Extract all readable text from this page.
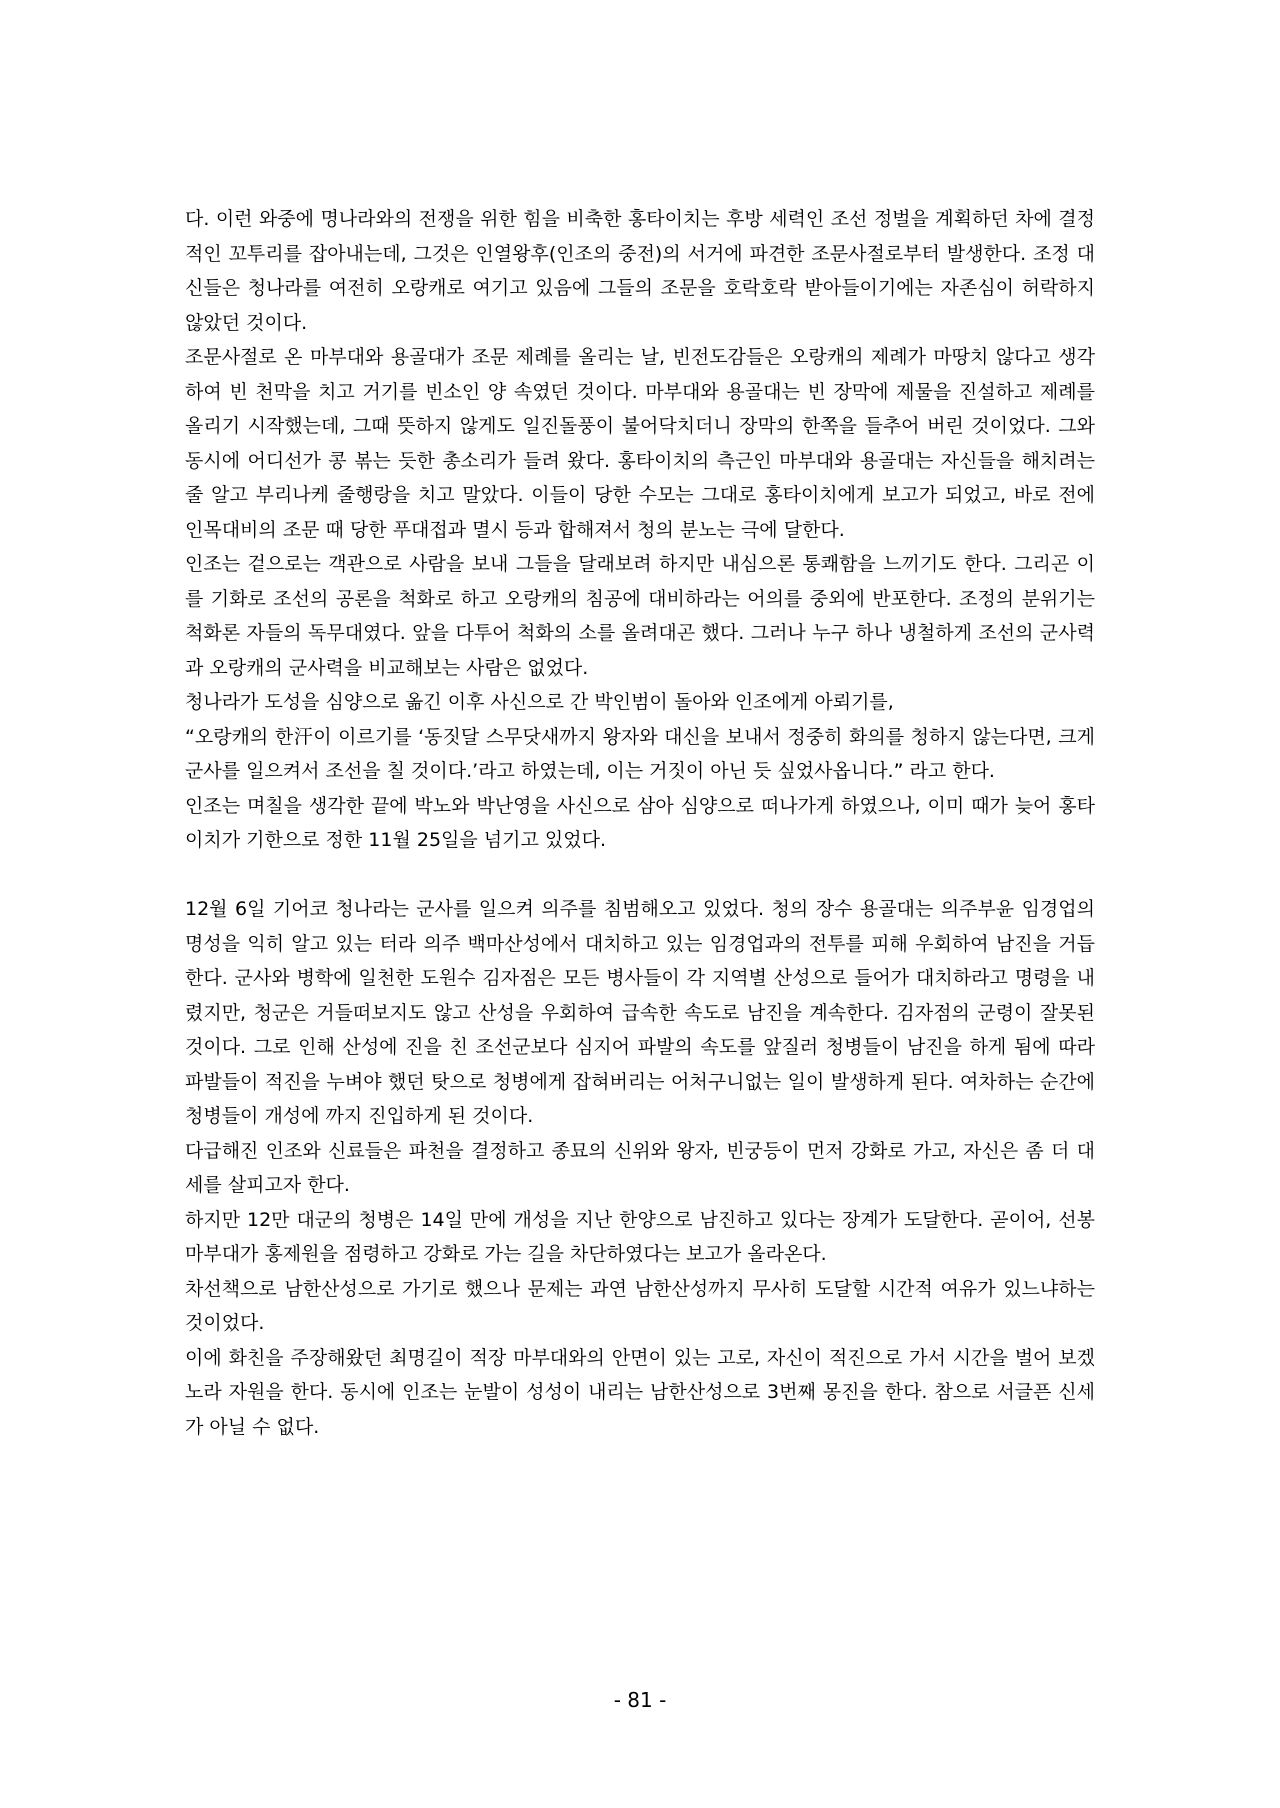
다. 이런 와중에 명나라와의 전쟁을 위한 힘을 비축한 홍타이치는 후방 세력인 조선 정벌을 계획하던 차에 결정적인 꼬투리를 잡아내는데, 그것은 인열왕후(인조의 중전)의 서거에 파견한 조문사절로부터 발생한다. 조정 대신들은 청나라를 여전히 오랑캐로 여기고 있음에 그들의 조문을 호락호락 받아들이기에는 자존심이 허락하지 않았던 것이다.

조문사절로 온 마부대와 용골대가 조문 제례를 올리는 날, 빈전도감들은 오랑캐의 제례가 마땅치 않다고 생각하여 빈 천막을 치고 거기를 빈소인 양 속였던 것이다. 마부대와 용골대는 빈 장막에 제물을 진설하고 제례를 올리기 시작했는데, 그때 뜻하지 않게도 일진돌풍이 불어닥치더니 장막의 한쪽을 들추어 버린 것이었다. 그와 동시에 어디선가 콩 볶는 듯한 총소리가 들려 왔다. 홍타이치의 측근인 마부대와 용골대는 자신들을 해치려는 줄 알고 부리나케 줄행랑을 치고 말았다. 이들이 당한 수모는 그대로 홍타이치에게 보고가 되었고, 바로 전에 인목대비의 조문 때 당한 푸대접과 멸시 등과 합해져서 청의 분노는 극에 달한다.

인조는 겉으로는 객관으로 사람을 보내 그들을 달래보려 하지만 내심으론 통쾌함을 느끼기도 한다. 그리곤 이를 기화로 조선의 공론을 척화로 하고 오랑캐의 침공에 대비하라는 어의를 중외에 반포한다. 조정의 분위기는 척화론 자들의 독무대였다. 앞을 다투어 척화의 소를 올려대곤 했다. 그러나 누구 하나 냉철하게 조선의 군사력과 오랑캐의 군사력을 비교해보는 사람은 없었다.

청나라가 도성을 심양으로 옮긴 이후 사신으로 간 박인범이 돌아와 인조에게 아뢰기를,

“오랑캐의 한汗이 이르기를 ‘동짓달 스무닷새까지 왕자와 대신을 보내서 정중히 화의를 청하지 않는다면, 크게 군사를 일으켜서 조선을 칠 것이다.’라고 하였는데, 이는 거짓이 아닌 듯 싶었사옵니다.” 라고 한다.

인조는 며칠을 생각한 끝에 박노와 박난영을 사신으로 삼아 심양으로 떠나가게 하였으나, 이미 때가 늦어 홍타이치가 기한으로 정한 11월 25일을 넘기고 있었다.

12월 6일 기어코 청나라는 군사를 일으켜 의주를 침범해오고 있었다. 청의 장수 용골대는 의주부윤 임경업의 명성을 익히 알고 있는 터라 의주 백마산성에서 대치하고 있는 임경업과의 전투를 피해 우회하여 남진을 거듭한다. 군사와 병학에 일천한 도원수 김자점은 모든 병사들이 각 지역별 산성으로 들어가 대치하라고 명령을 내렸지만, 청군은 거들떠보지도 않고 산성을 우회하여 급속한 속도로 남진을 계속한다. 김자점의 군령이 잘못된 것이다. 그로 인해 산성에 진을 친 조선군보다 심지어 파발의 속도를 앞질러 청병들이 남진을 하게 됨에 따라 파발들이 적진을 누벼야 했던 탓으로 청병에게 잡혀버리는 어처구니없는 일이 발생하게 된다. 여차하는 순간에 청병들이 개성에 까지 진입하게 된 것이다.

다급해진 인조와 신료들은 파천을 결정하고 종묘의 신위와 왕자, 빈궁등이 먼저 강화로 가고, 자신은 좀 더 대세를 살피고자 한다.

하지만 12만 대군의 청병은 14일 만에 개성을 지난 한양으로 남진하고 있다는 장계가 도달한다. 곧이어, 선봉 마부대가 홍제원을 점령하고 강화로 가는 길을 차단하였다는 보고가 올라온다.

차선책으로 남한산성으로 가기로 했으나 문제는 과연 남한산성까지 무사히 도달할 시간적 여유가 있느냐하는 것이었다.

이에 화친을 주장해왔던 최명길이 적장 마부대와의 안면이 있는 고로, 자신이 적진으로 가서 시간을 벌어 보겠노라 자원을 한다. 동시에 인조는 눈발이 성성이 내리는 남한산성으로 3번째 몽진을 한다. 참으로 서글픈 신세가 아닐 수 없다.

- 81 -
